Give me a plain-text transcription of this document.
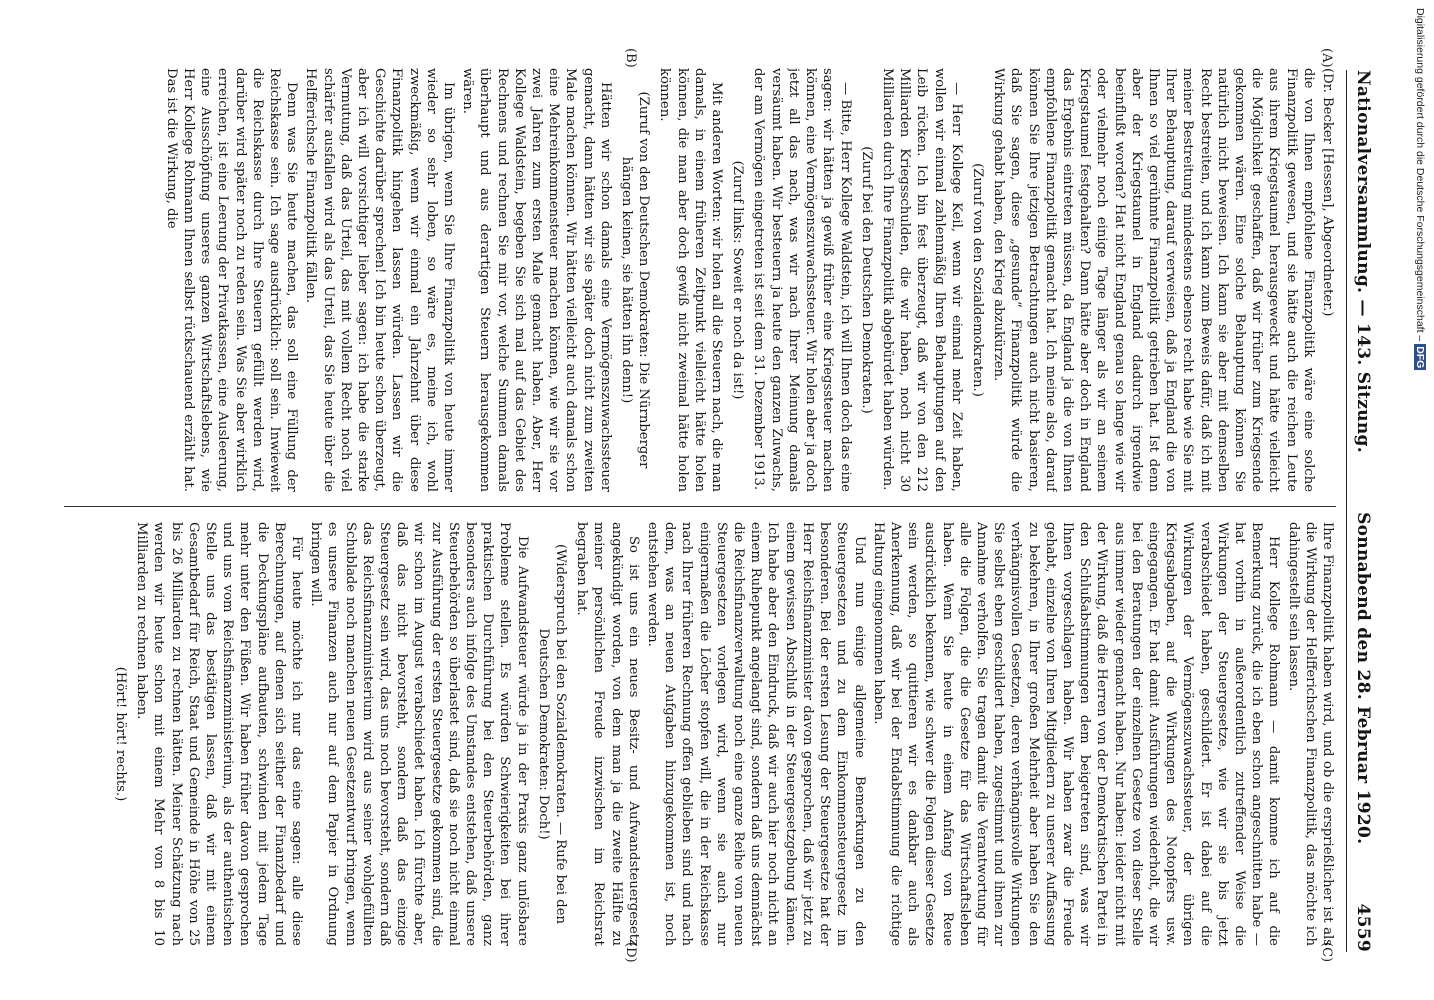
Nationalversammlung. — 143. Sitzung.
Sonnabend den 28. Februar 1920.
4559
(A)
(B)
(C)
(D)

(Dr. Becker [Hessen], Abgeordneter.)

die von Ihnen empfohlene Finanzpolitik wäre eine solche Finanzpolitik gewesen, und sie hätte auch die reichen Leute aus ihrem Kriegstaumel herausgeweckt und hätte vielleicht die Möglichkeit geschaffen, daß wir früher zum Kriegsende gekommen wären. Eine solche Behauptung können Sie natürlich nicht beweisen. Ich kann sie aber mit demselben Recht bestreiten, und ich kann zum Beweis dafür, daß ich mit meiner Bestreitung mindestens ebenso recht habe wie Sie mit Ihrer Behauptung, darauf verweisen, daß ja England die von Ihnen so viel gerühmte Finanzpolitik getrieben hat. Ist denn aber der Kriegstaumel in England dadurch irgendwie beeinflußt worden? Hat nicht England genau so lange wie wir oder vielmehr noch einige Tage länger als wir an seinem Kriegstaumel festgehalten? Dann hätte aber doch in England das Ergebnis eintreten müssen, da England ja die von Ihnen empfohlene Finanzpolitik gemacht hat. Ich meine also, darauf können Sie Ihre jetzigen Betrachtungen auch nicht basieren, daß Sie sagen, diese „gesunde“ Finanzpolitik würde die Wirkung gehabt haben, den Krieg abzukürzen.

(Zuruf von den Sozialdemokraten.)

— Herr Kollege Keil, wenn wir einmal mehr Zeit haben, wollen wir einmal zahlenmäßig Ihren Behauptungen auf den Leib rücken. Ich bin fest überzeugt, daß wir von den 212 Milliarden Kriegsschulden, die wir haben, noch nicht 30 Milliarden durch Ihre Finanzpolitik abgebürdet haben würden.

(Zuruf bei den Deutschen Demokraten.)

— Bitte, Herr Kollege Waldstein, ich will Ihnen doch das eine sagen: wir hätten ja gewiß früher eine Kriegssteuer machen können, eine Vermögenszuwachssteuer. Wir holen aber ja doch jetzt all das nach, was wir nach Ihrer Meinung damals versäumt haben. Wir besteuern ja heute den ganzen Zuwachs, der am Vermögen eingetreten ist seit dem 31. Dezember 1913.

(Zuruf links: Soweit er noch da ist!)

Mit anderen Worten: wir holen all die Steuern nach, die man damals, in einem früheren Zeitpunkt vielleicht hätte holen können, die man aber doch gewiß nicht zweimal hätte holen können.

(Zuruf von den Deutschen Demokraten: Die Nürnberger hängen keinen, sie hätten ihn denn!)

Hätten wir schon damals eine Vermögenszuwachssteuer gemacht, dann hätten wir sie später doch nicht zum zweiten Male machen können. Wir hätten vielleicht auch damals schon eine Mehreinkommensteuer machen können, wie wir sie vor zwei Jahren zum ersten Male gemacht haben. Aber, Herr Kollege Waldstein, begeben Sie sich mal auf das Gebiet des Rechnens und rechnen Sie mir vor, welche Summen damals überhaupt und aus derartigen Steuern herausgekommen wären.

Im übrigen, wenn Sie Ihre Finanzpolitik von heute immer wieder so sehr loben, so wäre es, meine ich, wohl zweckmäßig, wenn wir einmal ein Jahrzehnt über diese Finanzpolitik hingehen lassen würden. Lassen wir die Geschichte darüber sprechen! Ich bin heute schon überzeugt, aber ich will vorsichtiger lieber sagen: ich habe die starke Vermutung, daß das Urteil, das mit vollem Recht noch viel schärfer ausfallen wird als das Urteil, das Sie heute über die Helfferichsche Finanzpolitik fällen.

Denn was Sie heute machen, das soll eine Füllung der Reichskasse sein. Ich sage ausdrücklich: soll sein. Inwieweit die Reichskasse durch Ihre Steuern gefüllt werden wird, darüber wird später noch zu reden sein. Was Sie aber wirklich erreichen, ist eine Leerung der Privatkassen, eine Ausleerung, eine Ausschöpfung unseres ganzen Wirtschaftslebens, wie Herr Kollege Rohmann Ihnen selbst rückschauend erzählt hat. Das ist die Wirkung, die

Ihre Finanzpolitik haben wird, und ob die ersprießlicher ist als die Wirkung der Helfferichschen Finanzpolitik, das möchte ich dahingestellt sein lassen.

Herr Kollege Rohmann — damit komme ich auf die Bemerkung zurück, die ich eben schon angeschnitten habe — hat vorhin in außerordentlich zutreffender Weise die Wirkungen der Steuergesetze, wie wir sie bis jetzt verabschiedet haben, geschildert. Er ist dabei auf die Wirkungen der Vermögenszuwachssteuer, der übrigen Kriegsabgaben, auf die Wirkungen des Notopfers usw. eingegangen. Er hat damit Ausführungen wiederholt, die wir bei den Beratungen der einzelnen Gesetze von dieser Stelle aus immer wieder gemacht haben. Nur haben: leider nicht mit der Wirkung, daß die Herren von der Demokratischen Partei in den Schlußabstimmungen dem beigetreten sind, was wir Ihnen vorgeschlagen haben. Wir haben zwar die Freude gehabt, einzelne von Ihren Mitgliedern zu unserer Auffassung zu bekehren, in Ihrer großen Mehrheit aber haben Sie den verhängnisvollen Gesetzen, deren verhängnisvolle Wirkungen Sie selbst eben geschildert haben, zugestimmt und ihnen zur Annahme verholfen. Sie tragen damit die Verantwortung für alle die Folgen, die die Gesetze für das Wirtschaftsleben haben. Wenn Sie heute in einem Anfang von Reue ausdrücklich bekennen, wie schwer die Folgen dieser Gesetze sein werden, so quittieren wir es dankbar auch als Anerkennung, daß wir bei der Endabstimmung die richtige Haltung eingenommen haben.

Und nun einige allgemeine Bemerkungen zu den Steuergesetzen und zu dem Einkommensteuergesetz im besonderen. Bei der ersten Lesung der Steuergesetze hat der Herr Reichsfinanzminister davon gesprochen, daß wir jetzt zu einem gewissen Abschluß in der Steuergesetzgebung kämen. Ich habe aber den Eindruck, daß wir auch hier noch nicht an einem Ruhepunkt angelangt sind, sondern daß uns demnächst die Reichsfinanzverwaltung noch eine ganze Reihe von neuen Steuergesetzen vorlegen wird, wenn sie auch nur einigermaßen die Löcher stopfen will, die in der Reichskasse nach Ihrer früheren Rechnung offen geblieben sind und nach dem, was an neuen Aufgaben hinzugekommen ist, noch entstehen werden.

So ist uns ein neues Besitz- und Aufwandsteuergesetz angekündigt worden, von dem man ja die zweite Hälfte zu meiner persönlichen Freude inzwischen im Reichsrat begraben hat.

(Widerspruch bei den Sozialdemokraten. — Rufe bei den Deutschen Demokraten: Doch!)

Die Aufwandsteuer würde ja in der Praxis ganz unlösbare Probleme stellen. Es würden Schwierigkeiten bei ihrer praktischen Durchführung bei den Steuerbehörden, ganz besonders auch infolge des Umstandes entstehen, daß unsere Steuerbehörden so überlastet sind, daß sie noch nicht einmal zur Ausführung der ersten Steuergesetze gekommen sind, die wir schon im August verabschiedet haben. Ich fürchte aber, daß das nicht bevorsteht, sondern daß das einzige Steuergesetz sein wird, das uns noch bevorsteht, sondern daß das Reichsfinanzministerium wird aus seiner wohlgefüllten Schublade noch manchen neuen Gesetzentwurf bringen, wenn es unsere Finanzen auch nur auf dem Papier in Ordnung bringen will.

Für heute möchte ich nur das eine sagen: alle diese Berechnungen, auf denen sich seither der Finanzbedarf und die Deckungspläne aufbauten, schwinden mit jedem Tage mehr unter den Füßen. Wir haben früher davon gesprochen und uns vom Reichsfinanzministerium, als der authentischen Stelle uns das bestätigen lassen, daß wir mit einem Gesamtbedarf für Reich, Staat und Gemeinde in Höhe von 25 bis 26 Milliarden zu rechnen hätten. Meiner Schätzung nach werden wir heute schon mit einem Mehr von 8 bis 10 Milliarden zu rechnen haben.

(Hört! hört! rechts.)

Digitalisierung gefördert durch die Deutsche Forschungsgemeinschaft – DFG
